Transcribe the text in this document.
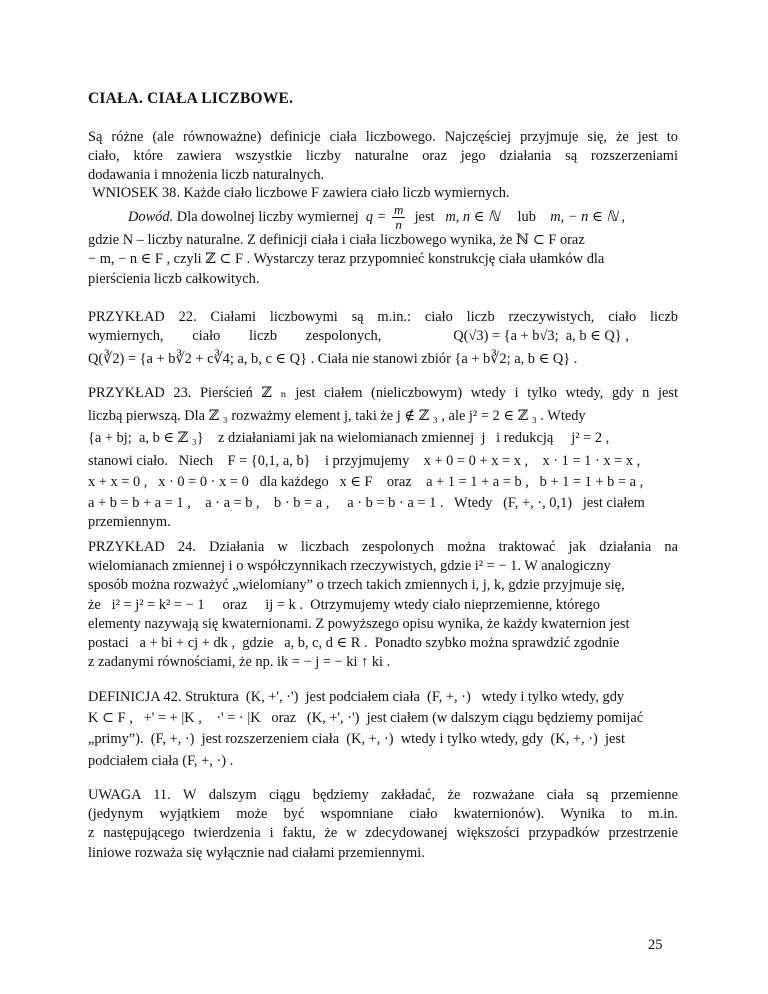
CIAŁA. CIAŁA LICZBOWE.
Są różne (ale równoważne) definicje ciała liczbowego. Najczęściej przyjmuje się, że jest to
ciało, które zawiera wszystkie liczby naturalne oraz jego działania są rozszerzeniami
dodawania i mnożenia liczb naturalnych.
WNIOSEK 38. Każde ciało liczbowe F zawiera ciało liczb wymiernych.
Dowód. Dla dowolnej liczby wymiernej $q = \frac{m}{n}$ jest m, n ∈ ℕ lub m, − n ∈ ℕ ,
gdzie N – liczby naturalne. Z definicji ciała i ciała liczbowego wynika, że ℕ ⊂ F oraz
− m, − n ∈ F , czyli ℤ ⊂ F . Wystarczy teraz przypomnieć konstrukcję ciała ułamków dla
pierścienia liczb całkowitych.
PRZYKŁAD 22. Ciałami liczbowymi są m.in.: ciało liczb rzeczywistych, ciało liczb
wymiernych,        ciało        liczb        zespolonych,                    Q(√3) = {a + b√3;  a, b ∈ Q} ,
Q(∛2) = {a + b∛2 + c∛4; a, b, c ∈ Q} . Ciała nie stanowi zbiór {a + b∛2; a, b ∈ Q} .
PRZYKŁAD 23. Pierścień ℤ ₙ jest ciałem (nieliczbowym) wtedy i tylko wtedy, gdy n jest
liczbą pierwszą. Dla ℤ ₃ rozważmy element j, taki że j ∉ ℤ ₃ , ale j² = 2 ∈ ℤ ₃ . Wtedy
{a + bj;  a, b ∈ ℤ ₃}    z działaniami jak na wielomianach zmiennej  j   i redukcją     j² = 2 ,
stanowi ciało.   Niech    F = {0,1, a, b}    i przyjmujemy    x + 0 = 0 + x = x ,    x · 1 = 1 · x = x ,
x + x = 0 ,   x · 0 = 0 · x = 0   dla każdego   x ∈ F    oraz    a + 1 = 1 + a = b ,   b + 1 = 1 + b = a ,
a + b = b + a = 1 ,    a · a = b ,    b · b = a ,     a · b = b · a = 1 .   Wtedy   (F, +, ·, 0,1)   jest ciałem
przemiennym.
PRZYKŁAD 24. Działania w liczbach zespolonych można traktować jak działania na
wielomianach zmiennej i o współczynnikach rzeczywistych, gdzie i² = − 1. W analogiczny
sposób można rozważyć „wielomiany” o trzech takich zmiennych i, j, k, gdzie przyjmuje się,
że   i² = j² = k² = − 1     oraz     ij = k .  Otrzymujemy wtedy ciało nieprzemienne, którego
elementy nazywają się kwaternionami. Z powyższego opisu wynika, że każdy kwaternion jest
postaci   a + bi + cj + dk ,  gdzie   a, b, c, d ∈ R .  Ponadto szybko można sprawdzić zgodnie
z zadanymi równościami, że np. ik = − j = − ki ↑ ki .
DEFINICJA 42. Struktura  (K, +', ·')  jest podciałem ciała  (F, +, ·)   wtedy i tylko wtedy, gdy
K ⊂ F ,   +' = + |K ,    ·' = · |K   oraz   (K, +', ·')  jest ciałem (w dalszym ciągu będziemy pomijać
„primy”).  (F, +, ·)  jest rozszerzeniem ciała  (K, +, ·)  wtedy i tylko wtedy, gdy  (K, +, ·)  jest
podciałem ciała (F, +, ·) .
UWAGA 11. W dalszym ciągu będziemy zakładać, że rozważane ciała są przemienne
(jedynym wyjątkiem może być wspomniane ciało kwaternionów). Wynika to m.in.
z następującego twierdzenia i faktu, że w zdecydowanej większości przypadków przestrzenie
liniowe rozważa się wyłącznie nad ciałami przemiennymi.
25
